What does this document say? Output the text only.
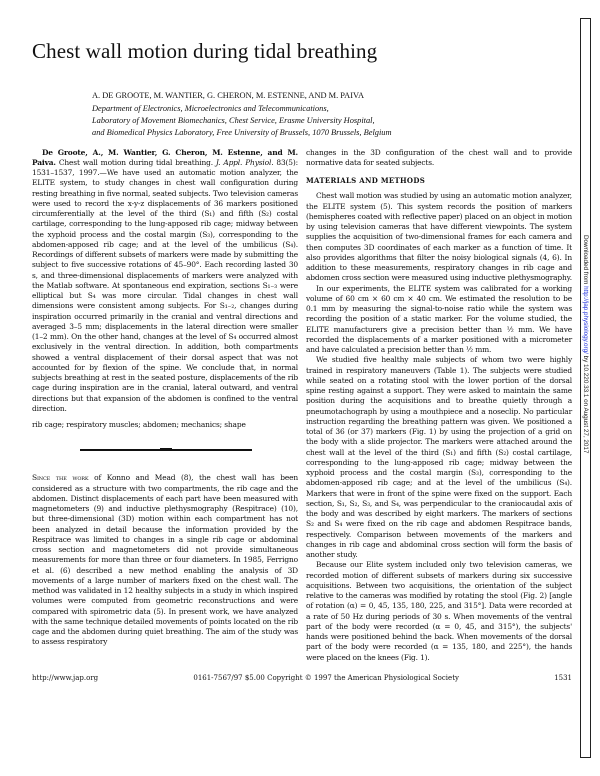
Chest wall motion during tidal breathing
A. DE GROOTE, M. WANTIER, G. CHERON, M. ESTENNE, AND M. PAIVA
Department of Electronics, Microelectronics and Telecommunications,
Laboratory of Movement Biomechanics, Chest Service, Erasme University Hospital,
and Biomedical Physics Laboratory, Free University of Brussels, 1070 Brussels, Belgium

De Groote, A., M. Wantier, G. Cheron, M. Estenne, and M. Paiva. Chest wall motion during tidal breathing. J. Appl. Physiol. 83(5): 1531–1537, 1997.—We have used an automatic motion analyzer, the ELITE system, to study changes in chest wall configuration during resting breathing in five normal, seated subjects. Two television cameras were used to record the x-y-z displacements of 36 markers positioned circumferentially at the level of the third (S₁) and fifth (S₂) costal cartilage, corresponding to the lung-apposed rib cage; midway between the xyphoid process and the costal margin (S₃), corresponding to the abdomen-apposed rib cage; and at the level of the umbilicus (S₄). Recordings of different subsets of markers were made by submitting the subject to five successive rotations of 45–90°. Each recording lasted 30 s, and three-dimensional displacements of markers were analyzed with the Matlab software. At spontaneous end expiration, sections S₁₋₃ were elliptical but S₄ was more circular. Tidal changes in chest wall dimensions were consistent among subjects. For S₁₋₂, changes during inspiration occurred primarily in the cranial and ventral directions and averaged 3–5 mm; displacements in the lateral direction were smaller (1–2 mm). On the other hand, changes at the level of S₄ occurred almost exclusively in the ventral direction. In addition, both compartments showed a ventral displacement of their dorsal aspect that was not accounted for by flexion of the spine. We conclude that, in normal subjects breathing at rest in the seated posture, displacements of the rib cage during inspiration are in the cranial, lateral outward, and ventral directions but that expansion of the abdomen is confined to the ventral direction.

rib cage; respiratory muscles; abdomen; mechanics; shape

Since the work of Konno and Mead (8), the chest wall has been considered as a structure with two compartments, the rib cage and the abdomen. Distinct displacements of each part have been measured with magnetometers (9) and inductive plethysmography (Respitrace) (10), but three-dimensional (3D) motion within each compartment has not been analyzed in detail because the information provided by the Respitrace was limited to changes in a single rib cage or abdominal cross section and magnetometers did not provide simultaneous measurements for more than three or four diameters. In 1985, Ferrigno et al. (6) described a new method enabling the analysis of 3D movements of a large number of markers fixed on the chest wall. The method was validated in 12 healthy subjects in a study in which inspired volumes were computed from geometric reconstructions and were compared with spirometric data (5). In present work, we have analyzed with the same technique detailed movements of points located on the rib cage and the abdomen during quiet breathing. The aim of the study was to assess respiratory

changes in the 3D configuration of the chest wall and to provide normative data for seated subjects.

MATERIALS AND METHODS

Chest wall motion was studied by using an automatic motion analyzer, the ELITE system (5). This system records the position of markers (hemispheres coated with reflective paper) placed on an object in motion by using television cameras that have different viewpoints. The system supplies the acquisition of two-dimensional frames for each camera and then computes 3D coordinates of each marker as a function of time. It also provides algorithms that filter the noisy biological signals (4, 6). In addition to these measurements, respiratory changes in rib cage and abdomen cross section were measured using inductive plethysmography.

In our experiments, the ELITE system was calibrated for a working volume of 60 cm × 60 cm × 40 cm. We estimated the resolution to be 0.1 mm by measuring the signal-to-noise ratio while the system was recording the position of a static marker. For the volume studied, the ELITE manufacturers give a precision better than ½ mm. We have recorded the displacements of a marker positioned with a micrometer and have calculated a precision better than ½ mm.

We studied five healthy male subjects of whom two were highly trained in respiratory maneuvers (Table 1). The subjects were studied while seated on a rotating stool with the lower portion of the dorsal spine resting against a support. They were asked to maintain the same position during the acquisitions and to breathe quietly through a pneumotachograph by using a mouthpiece and a noseclip. No particular instruction regarding the breathing pattern was given. We positioned a total of 36 (or 37) markers (Fig. 1) by using the projection of a grid on the body with a slide projector. The markers were attached around the chest wall at the level of the third (S₁) and fifth (S₂) costal cartilage, corresponding to the lung-apposed rib cage; midway between the xyphoid process and the costal margin (S₃), corresponding to the abdomen-apposed rib cage; and at the level of the umbilicus (S₄). Markers that were in front of the spine were fixed on the support. Each section, S₁, S₂, S₃, and S₄, was perpendicular to the craniocaudal axis of the body and was described by eight markers. The markers of sections S₂ and S₄ were fixed on the rib cage and abdomen Respitrace bands, respectively. Comparison between movements of the markers and changes in rib cage and abdominal cross section will form the basis of another study.

Because our Elite system included only two television cameras, we recorded motion of different subsets of markers during six successive acquisitions. Between two acquisitions, the orientation of the subject relative to the cameras was modified by rotating the stool (Fig. 2) [angle of rotation (α) = 0, 45, 135, 180, 225, and 315°]. Data were recorded at a rate of 50 Hz during periods of 30 s. When movements of the ventral part of the body were recorded (α = 0, 45, and 315°), the subjects' hands were positioned behind the back. When movements of the dorsal part of the body were recorded (α = 135, 180, and 225°), the hands were placed on the knees (Fig. 1).

http://www.jap.org	0161-7567/97 $5.00 Copyright © 1997 the American Physiological Society	1531
Downloaded from http://jap.physiology.org/ by 10.220.33.1 on August 27, 2017
